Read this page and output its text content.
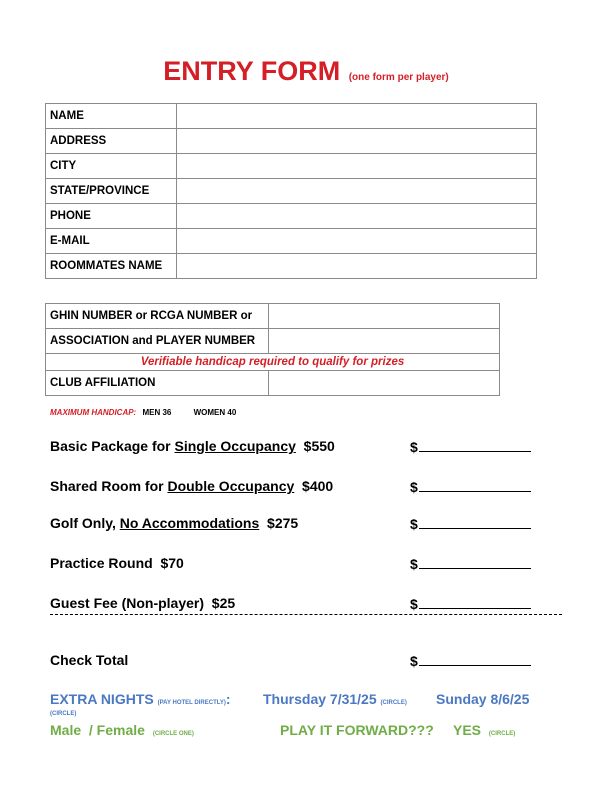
ENTRY FORM (one form per player)
NAME	
ADDRESS	
CITY	
STATE/PROVINCE	
PHONE	
E-MAIL	
ROOMMATES NAME	
GHIN NUMBER or RCGA NUMBER or	
ASSOCIATION and PLAYER NUMBER	
Verifiable handicap required to qualify for prizes	
CLUB AFFILIATION	
MAXIMUM HANDICAP: MEN 36	WOMEN 40
Basic Package for Single Occupancy  $550	$
Shared Room for Double Occupancy  $400	$
Golf Only, No Accommodations  $275	$
Practice Round  $70	$
Guest Fee (Non-player)  $25	$
Check Total	$
EXTRA NIGHTS (PAY HOTEL DIRECTLY): Thursday 7/31/25 (CIRCLE) Sunday 8/6/25
(CIRCLE)
Male  / Female (CIRCLE ONE)	PLAY IT FORWARD??? YES (CIRCLE)
